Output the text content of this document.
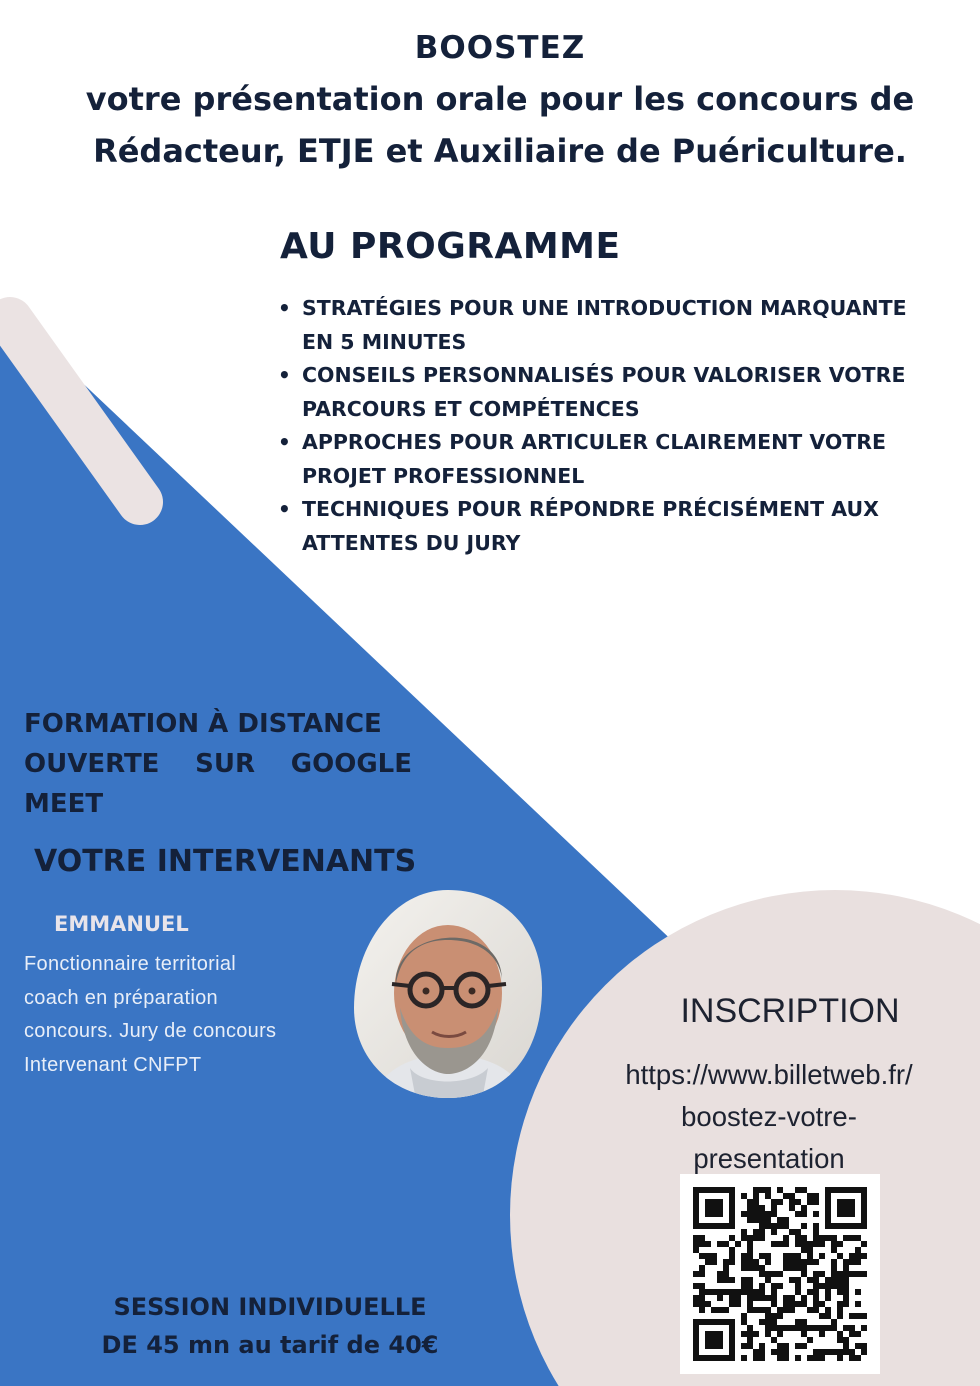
BOOSTEZ
votre présentation orale pour les concours de
Rédacteur, ETJE et Auxiliaire de Puériculture.
AU PROGRAMME
• STRATÉGIES POUR UNE INTRODUCTION MARQUANTE
EN 5 MINUTES
• CONSEILS PERSONNALISÉS POUR VALORISER VOTRE
PARCOURS ET COMPÉTENCES
• APPROCHES POUR ARTICULER CLAIREMENT VOTRE
PROJET PROFESSIONNEL
• TECHNIQUES POUR RÉPONDRE PRÉCISÉMENT AUX
ATTENTES DU JURY
FORMATION À DISTANCE
OUVERTE SUR GOOGLE
MEET
VOTRE INTERVENANTS
EMMANUEL
Fonctionnaire territorial
coach en préparation
concours. Jury de concours
Intervenant CNFPT
INSCRIPTION
https://www.billetweb.fr/
boostez-votre-
presentation
SESSION INDIVIDUELLE
DE 45 mn au tarif de 40€
